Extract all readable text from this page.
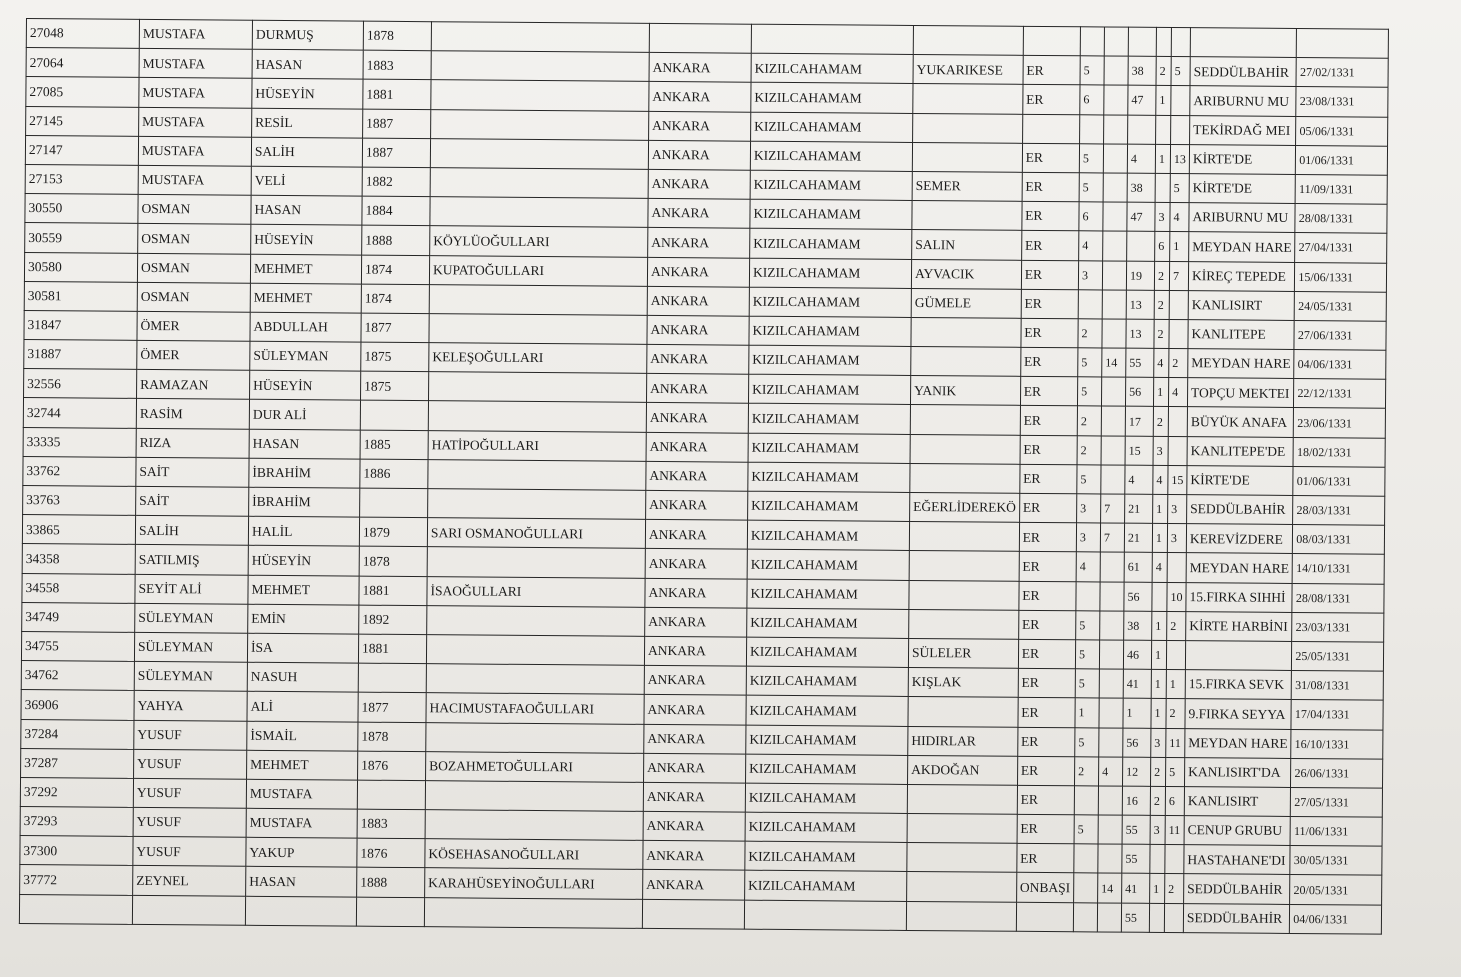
27048	MUSTAFA	DURMUŞ	1878												
27064	MUSTAFA	HASAN	1883		ANKARA	KIZILCAHAMAM	YUKARIKESE	ER	5		38	2	5	SEDDÜLBAHİR	27/02/1331
27085	MUSTAFA	HÜSEYİN	1881		ANKARA	KIZILCAHAMAM		ER	6		47	1		ARIBURNU MU	23/08/1331
27145	MUSTAFA	RESİL	1887		ANKARA	KIZILCAHAMAM								TEKİRDAĞ MEI	05/06/1331
27147	MUSTAFA	SALİH	1887		ANKARA	KIZILCAHAMAM		ER	5		4	1	13	KİRTE'DE	01/06/1331
27153	MUSTAFA	VELİ	1882		ANKARA	KIZILCAHAMAM	SEMER	ER	5		38		5	KİRTE'DE	11/09/1331
30550	OSMAN	HASAN	1884		ANKARA	KIZILCAHAMAM		ER	6		47	3	4	ARIBURNU MU	28/08/1331
30559	OSMAN	HÜSEYİN	1888	KÖYLÜOĞULLARI	ANKARA	KIZILCAHAMAM	SALIN	ER	4			6	1	MEYDAN HARE	27/04/1331
30580	OSMAN	MEHMET	1874	KUPATOĞULLARI	ANKARA	KIZILCAHAMAM	AYVACIK	ER	3		19	2	7	KİREÇ TEPEDE	15/06/1331
30581	OSMAN	MEHMET	1874		ANKARA	KIZILCAHAMAM	GÜMELE	ER			13	2		KANLISIRT	24/05/1331
31847	ÖMER	ABDULLAH	1877		ANKARA	KIZILCAHAMAM		ER	2		13	2		KANLITEPE	27/06/1331
31887	ÖMER	SÜLEYMAN	1875	KELEŞOĞULLARI	ANKARA	KIZILCAHAMAM		ER	5	14	55	4	2	MEYDAN HARE	04/06/1331
32556	RAMAZAN	HÜSEYİN	1875		ANKARA	KIZILCAHAMAM	YANIK	ER	5		56	1	4	TOPÇU MEKTEI	22/12/1331
32744	RASİM	DUR ALİ			ANKARA	KIZILCAHAMAM		ER	2		17	2		BÜYÜK ANAFA	23/06/1331
33335	RIZA	HASAN	1885	HATİPOĞULLARI	ANKARA	KIZILCAHAMAM		ER	2		15	3		KANLITEPE'DE	18/02/1331
33762	SAİT	İBRAHİM	1886		ANKARA	KIZILCAHAMAM		ER	5		4	4	15	KİRTE'DE	01/06/1331
33763	SAİT	İBRAHİM			ANKARA	KIZILCAHAMAM	EĞERLİDEREKÖ	ER	3	7	21	1	3	SEDDÜLBAHİR	28/03/1331
33865	SALİH	HALİL	1879	SARI OSMANOĞULLARI	ANKARA	KIZILCAHAMAM		ER	3	7	21	1	3	KEREVİZDERE	08/03/1331
34358	SATILMIŞ	HÜSEYİN	1878		ANKARA	KIZILCAHAMAM		ER	4		61	4		MEYDAN HARE	14/10/1331
34558	SEYİT ALİ	MEHMET	1881	İSAOĞULLARI	ANKARA	KIZILCAHAMAM		ER			56		10	15.FIRKA SIHHİ	28/08/1331
34749	SÜLEYMAN	EMİN	1892		ANKARA	KIZILCAHAMAM		ER	5		38	1	2	KİRTE HARBİNI	23/03/1331
34755	SÜLEYMAN	İSA	1881		ANKARA	KIZILCAHAMAM	SÜLELER	ER	5		46	1			25/05/1331
34762	SÜLEYMAN	NASUH			ANKARA	KIZILCAHAMAM	KIŞLAK	ER	5		41	1	1	15.FIRKA SEVK	31/08/1331
36906	YAHYA	ALİ	1877	HACIMUSTAFAOĞULLARI	ANKARA	KIZILCAHAMAM		ER	1		1	1	2	9.FIRKA SEYYA	17/04/1331
37284	YUSUF	İSMAİL	1878		ANKARA	KIZILCAHAMAM	HIDIRLAR	ER	5		56	3	11	MEYDAN HARE	16/10/1331
37287	YUSUF	MEHMET	1876	BOZAHMETOĞULLARI	ANKARA	KIZILCAHAMAM	AKDOĞAN	ER	2	4	12	2	5	KANLISIRT'DA	26/06/1331
37292	YUSUF	MUSTAFA			ANKARA	KIZILCAHAMAM		ER			16	2	6	KANLISIRT	27/05/1331
37293	YUSUF	MUSTAFA	1883		ANKARA	KIZILCAHAMAM		ER	5		55	3	11	CENUP GRUBU	11/06/1331
37300	YUSUF	YAKUP	1876	KÖSEHASANOĞULLARI	ANKARA	KIZILCAHAMAM		ER			55			HASTAHANE'DI	30/05/1331
37772	ZEYNEL	HASAN	1888	KARAHÜSEYİNOĞULLARI	ANKARA	KIZILCAHAMAM		ONBAŞI		14	41	1	2	SEDDÜLBAHİR	20/05/1331
											55			SEDDÜLBAHİR	04/06/1331
